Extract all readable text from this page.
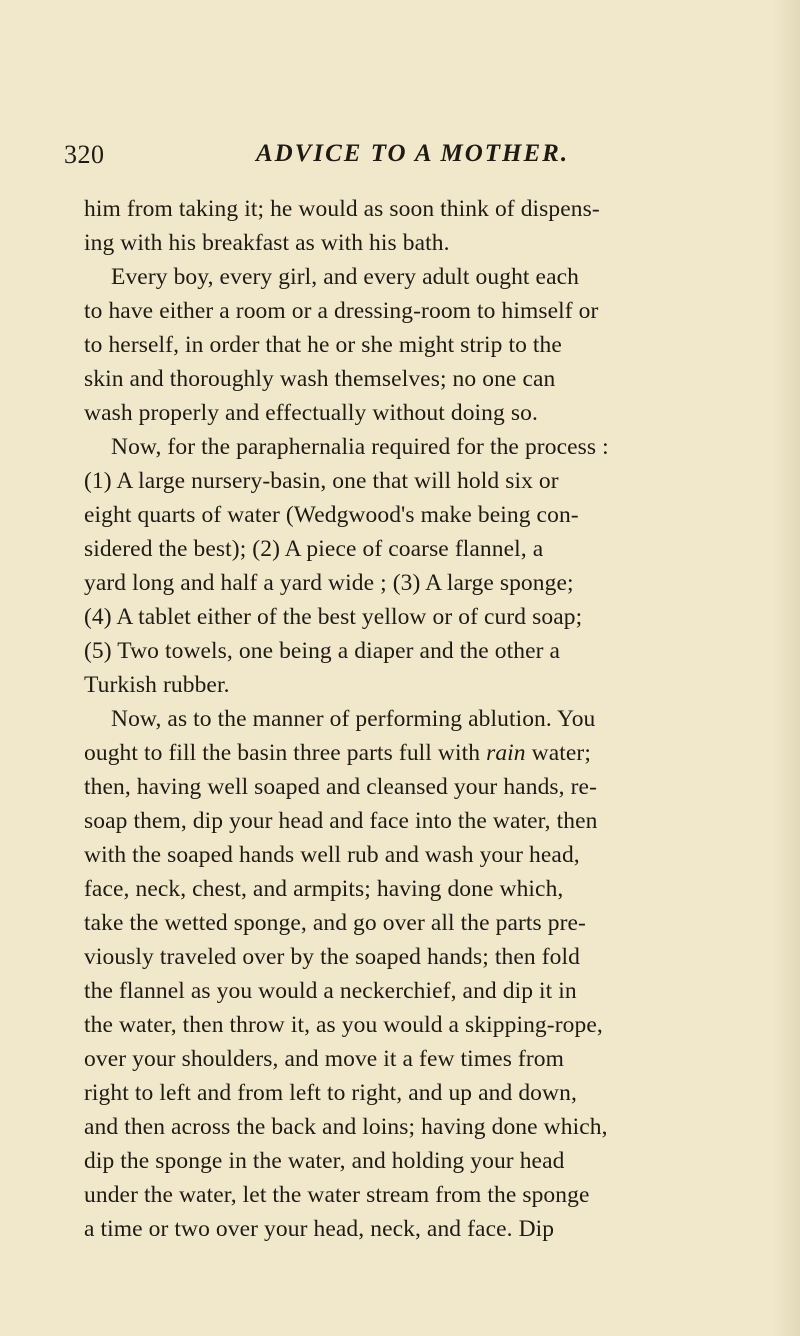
320	ADVICE TO A MOTHER.
him from taking it; he would as soon think of dispens-
ing with his breakfast as with his bath.
Every boy, every girl, and every adult ought each
to have either a room or a dressing-room to himself or
to herself, in order that he or she might strip to the
skin and thoroughly wash themselves; no one can
wash properly and effectually without doing so.
Now, for the paraphernalia required for the process :
(1) A large nursery-basin, one that will hold six or
eight quarts of water (Wedgwood's make being con-
sidered the best); (2) A piece of coarse flannel, a
yard long and half a yard wide ; (3) A large sponge;
(4) A tablet either of the best yellow or of curd soap;
(5) Two towels, one being a diaper and the other a
Turkish rubber.
Now, as to the manner of performing ablution. You
ought to fill the basin three parts full with rain water;
then, having well soaped and cleansed your hands, re-
soap them, dip your head and face into the water, then
with the soaped hands well rub and wash your head,
face, neck, chest, and armpits; having done which,
take the wetted sponge, and go over all the parts pre-
viously traveled over by the soaped hands; then fold
the flannel as you would a neckerchief, and dip it in
the water, then throw it, as you would a skipping-rope,
over your shoulders, and move it a few times from
right to left and from left to right, and up and down,
and then across the back and loins; having done which,
dip the sponge in the water, and holding your head
under the water, let the water stream from the sponge
a time or two over your head, neck, and face. Dip
